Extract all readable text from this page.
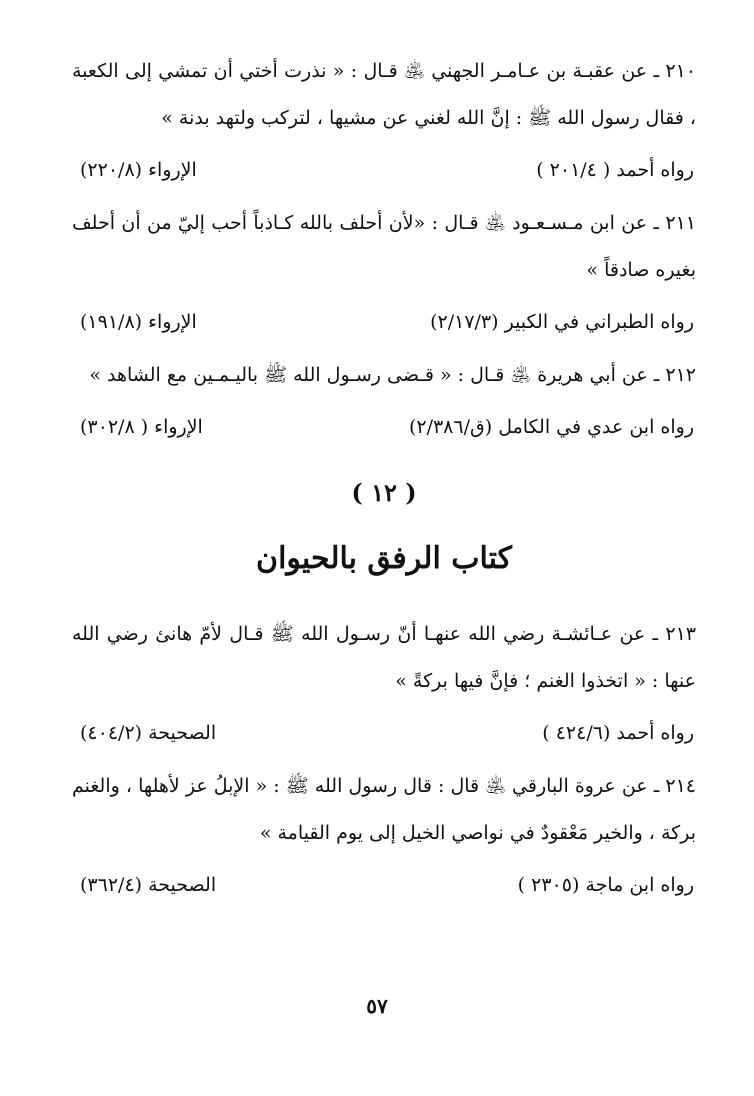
٢١٠ ـ عن عقبـة بن عـامـر الجهني ﵁ قـال : « نذرت أختي أن تمشي إلى الكعبة ، فقال رسول الله ﷺ : إنَّ الله لغني عن مشيها ، لتركب ولتهد بدنة »

رواه أحمد ( ٢٠١/٤ )
الإرواء (٢٢٠/٨)

٢١١ ـ عن ابن مـسـعـود ﵁ قـال : «لأن أحلف بالله كـاذباً أحب إليّ من أن أحلف بغيره صادقاً »

رواه الطبراني في الكبير (٢/١٧/٣)
الإرواء (١٩١/٨)

٢١٢ ـ عن أبي هريرة ﵁ قـال : « قـضى رسـول الله ﷺ باليـمـين مع الشاهد »

رواه ابن عدي في الكامل (ق/٢/٣٨٦)
الإرواء ( ٣٠٢/٨)
( ١٢ )
كتاب الرفق بالحيوان

٢١٣ ـ عن عـائشـة رضي الله عنهـا أنّ رسـول الله ﷺ قـال لأمّ هانئ رضي الله عنها : « اتخذوا الغنم ؛ فإنَّ فيها بركةً »

رواه أحمد (٤٢٤/٦ )
الصحيحة (٤٠٤/٢)

٢١٤ ـ عن عروة البارقي ﵁ قال : قال رسول الله ﷺ : « الإبلُ عز لأهلها ، والغنم بركة ، والخير مَعْقودٌ في نواصي الخيل إلى يوم القيامة »

رواه ابن ماجة (٢٣٠٥ )
الصحيحة (٣٦٢/٤)
٥٧
